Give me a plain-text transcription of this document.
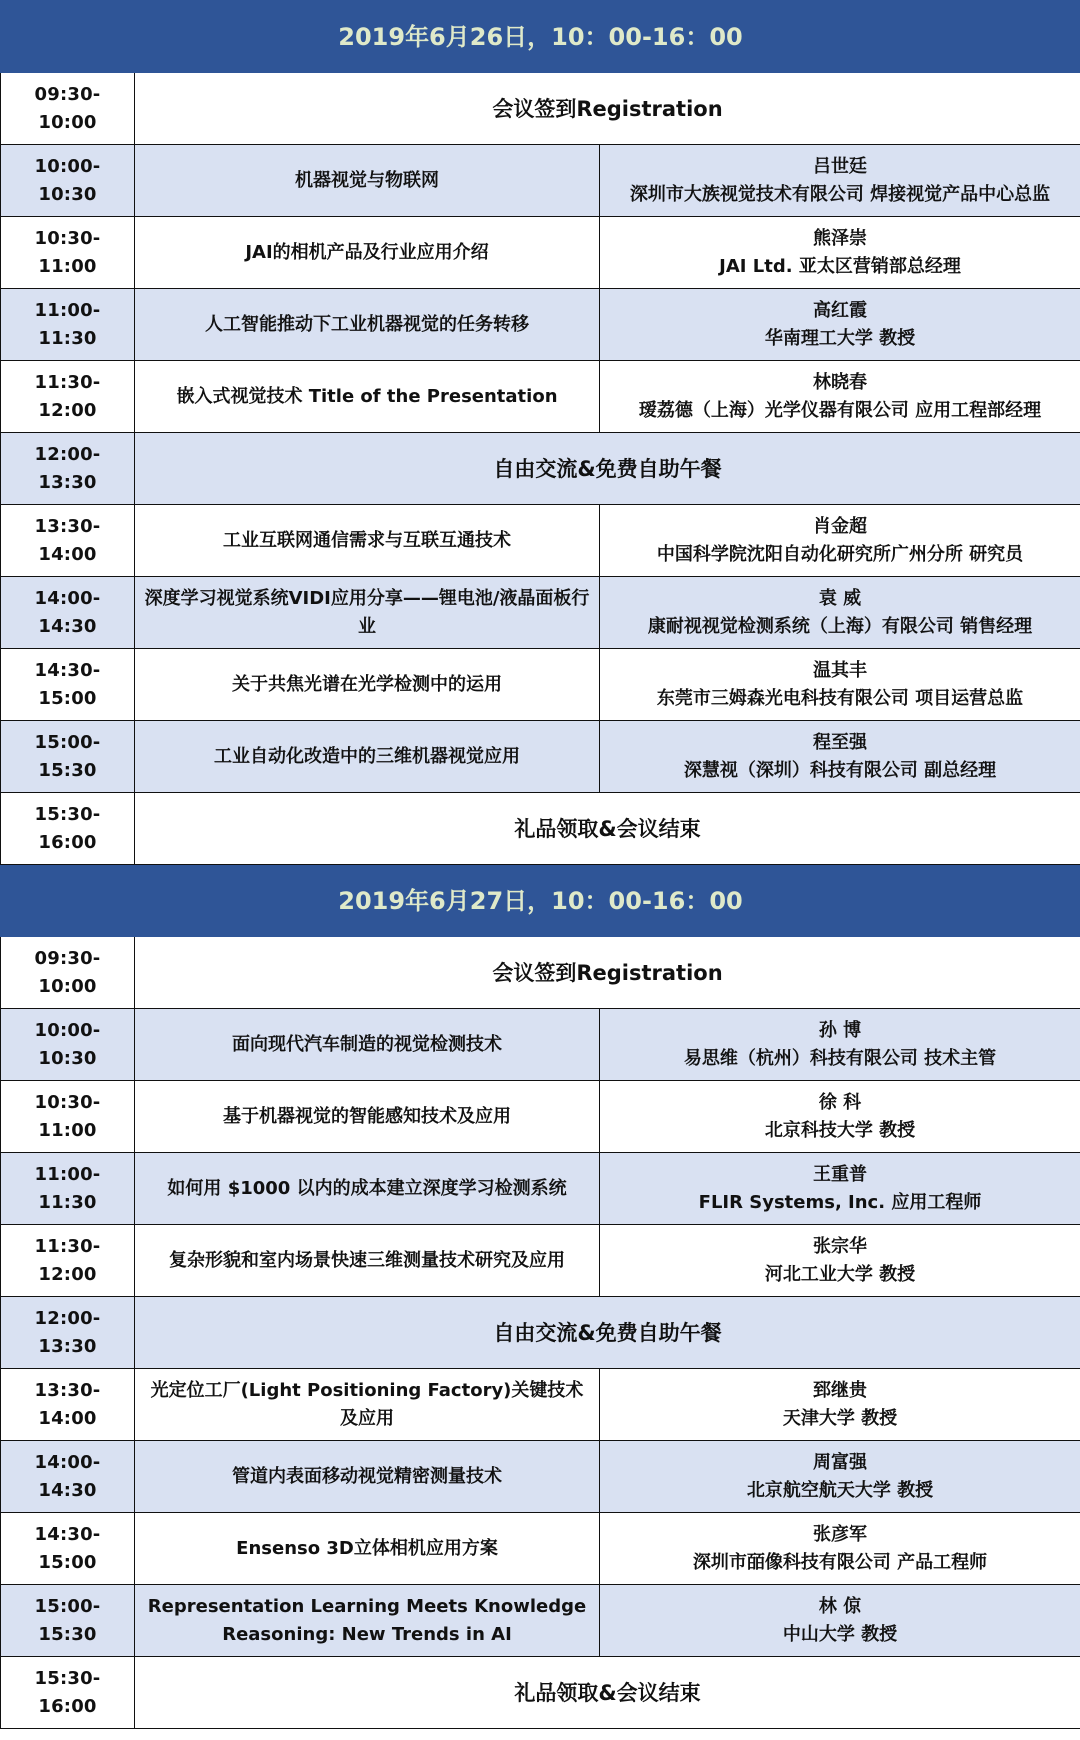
2019年6月26日，10：00-16：00		
09:30-10:00	会议签到Registration	
10:00-10:30	机器视觉与物联网	吕世廷
深圳市大族视觉技术有限公司 焊接视觉产品中心总监

10:30-11:00	JAI的相机产品及行业应用介绍	熊泽崇
JAI Ltd. 亚太区营销部总经理

11:00-11:30	人工智能推动下工业机器视觉的任务转移	高红霞
华南理工大学 教授

11:30-12:00	嵌入式视觉技术 Title of the Presentation	林晓春
瑷荔德（上海）光学仪器有限公司 应用工程部经理

12:00-13:30	自由交流&免费自助午餐	
13:30-14:00	工业互联网通信需求与互联互通技术	肖金超
中国科学院沈阳自动化研究所广州分所 研究员

14:00-14:30	深度学习视觉系统VIDI应用分享——锂电池/液晶面板行业	袁 威
康耐视视觉检测系统（上海）有限公司 销售经理

14:30-15:00	关于共焦光谱在光学检测中的运用	温其丰
东莞市三姆森光电科技有限公司 项目运营总监

15:00-15:30	工业自动化改造中的三维机器视觉应用	程至强
深慧视（深圳）科技有限公司 副总经理

15:30-16:00	礼品领取&会议结束	
2019年6月27日，10：00-16：00		
09:30-10:00	会议签到Registration	
10:00-10:30	面向现代汽车制造的视觉检测技术	孙 博
易思维（杭州）科技有限公司 技术主管

10:30-11:00	基于机器视觉的智能感知技术及应用	徐 科
北京科技大学 教授

11:00-11:30	如何用 $1000 以内的成本建立深度学习检测系统	王重普
FLIR Systems, Inc. 应用工程师

11:30-12:00	复杂形貌和室内场景快速三维测量技术研究及应用	张宗华
河北工业大学 教授

12:00-13:30	自由交流&免费自助午餐	
13:30-14:00	光定位工厂(Light Positioning Factory)关键技术及应用	郅继贵
天津大学 教授

14:00-14:30	管道内表面移动视觉精密测量技术	周富强
北京航空航天大学 教授

14:30-15:00	Ensenso 3D立体相机应用方案	张彦军
深圳市皕像科技有限公司 产品工程师

15:00-15:30	Representation Learning Meets Knowledge Reasoning: New Trends in AI	林 倞
中山大学 教授

15:30-16:00	礼品领取&会议结束	
